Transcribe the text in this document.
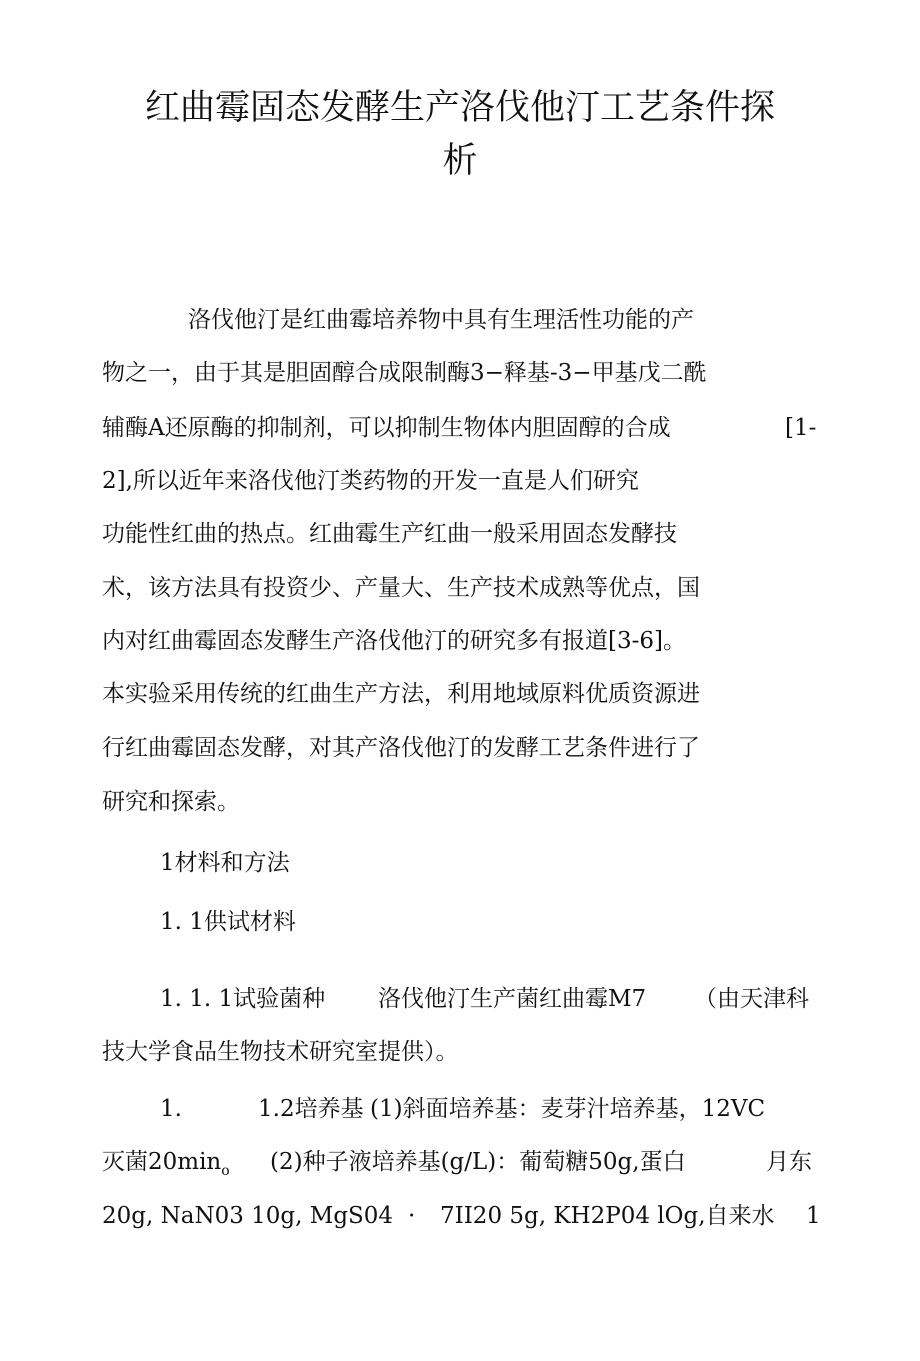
红曲霉固态发酵生产洛伐他汀工艺条件探
析
洛伐他汀是红曲霉培养物中具有生理活性功能的产
物之一，由于其是胆固醇合成限制酶3−释基-3−甲基戊二酰
辅酶A还原酶的抑制剂，可以抑制生物体内胆固醇的合成	[1-
2],所以近年来洛伐他汀类药物的开发一直是人们研究
功能性红曲的热点。红曲霉生产红曲一般采用固态发酵技
术，该方法具有投资少、产量大、生产技术成熟等优点，国
内对红曲霉固态发酵生产洛伐他汀的研究多有报道[3-6]。
本实验采用传统的红曲生产方法，利用地域原料优质资源进
行红曲霉固态发酵，对其产洛伐他汀的发酵工艺条件进行了
研究和探索。
1材料和方法
1. 1供试材料
1. 1. 1试验菌种 洛伐他汀生产菌红曲霉M7 （由天津科
技大学食品生物技术研究室提供）。
1.	1.2培养基 (1)斜面培养基：麦芽汁培养基，12VC
灭菌$20\min_o$ (2)种子液培养基(g/L)：葡萄糖50g,蛋白	月东
20g, NaN03 10g, MgS04 · 7II20 5g, KH2P04 lOg,自来水 1
